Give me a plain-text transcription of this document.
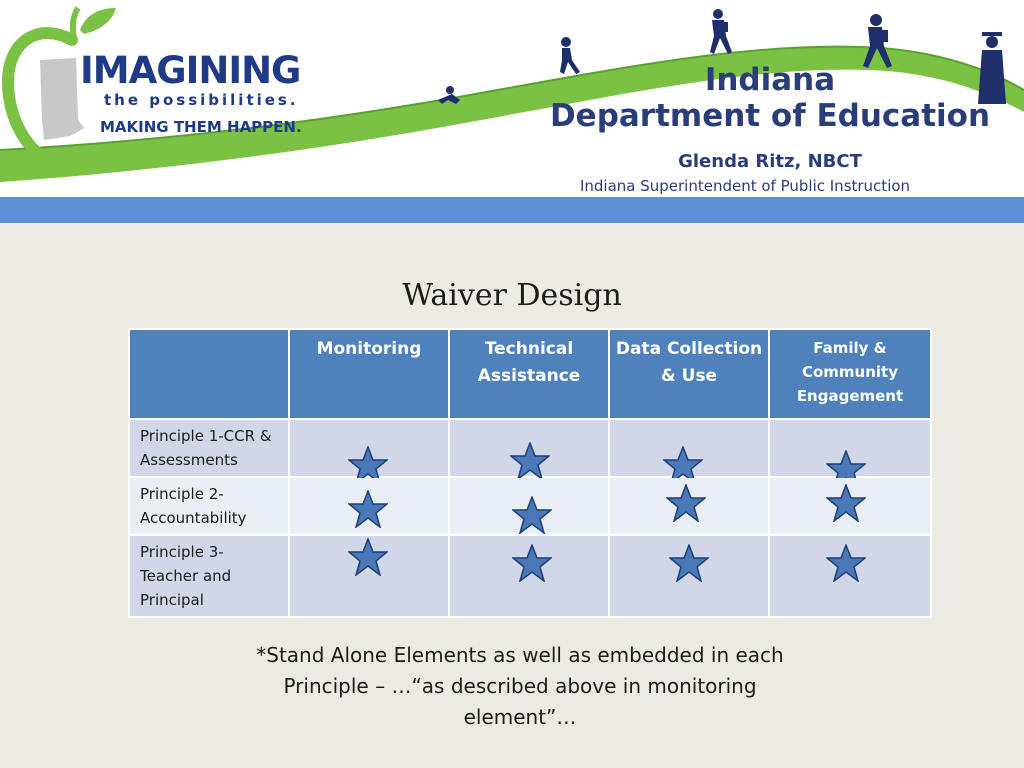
IMAGINING
the possibilities.
MAKING THEM HAPPEN.
Indiana
Department of Education
Glenda Ritz, NBCT
Indiana Superintendent of Public Instruction
Waiver Design
	Monitoring	Technical Assistance	Data Collection & Use	Family & Community Engagement
Principle 1-CCR & Assessments	

Principle 2-Accountability	

Principle 3-Teacher and Principal	

*Stand Alone Elements as well as embedded in each Principle – …“as described above in monitoring element”…
